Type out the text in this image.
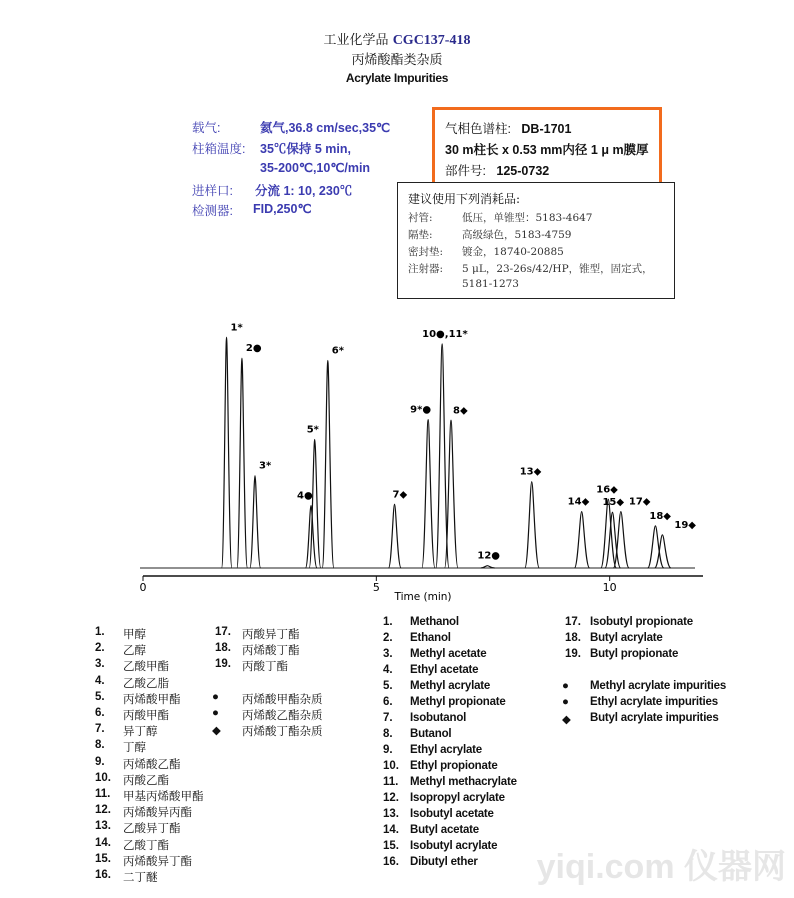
工业化学品 CGC137-418
丙烯酸酯类杂质
Acrylate Impurities
气相色谱柱: DB-1701
30 m柱长 x 0.53 mm内径 1 μ m膜厚
部件号: 125-0732
建议使用下列消耗品:
衬管:	低压，单锥型：5183-4647
隔垫:	高级绿色，5183-4759
密封垫: 镀金，18740-20885
注射器: 5 μL，23-26s/42/HP，锥型，固定式，
5181-1273
0	5	10
Time (min)
1*
2●
3*
4●
5*
6*
7◆
9*●
10●,11*
8◆
12●
13◆
14◆
16◆
15◆ 17◆
18◆
19◆
1. 甲醇
2. 乙醇
3. 乙酸甲酯
4. 乙酸乙脂
5. 丙烯酸甲酯
6. 丙酸甲酯
7. 异丁醇
8. 丁醇
9. 丙烯酸乙酯
10. 丙酸乙酯
11. 甲基丙烯酸甲酯
12. 丙烯酸异丙酯
13. 乙酸异丁酯
14. 乙酸丁酯
15. 丙烯酸异丁酯
16. 二丁醚
17. 丙酸异丁酯
18. 丙烯酸丁酯
19. 丙酸丁酯
● 丙烯酸甲酯杂质
● 丙烯酸乙酯杂质
◆ 丙烯酸丁酯杂质
1. Methanol
2. Ethanol
3. Methyl acetate
4. Ethyl acetate
5. Methyl acrylate
6. Methyl propionate
7. Isobutanol
8. Butanol
9. Ethyl acrylate
10. Ethyl propionate
11. Methyl methacrylate
12. Isopropyl acrylate
13. Isobutyl acetate
14. Butyl acetate
15. Isobutyl acrylate
16. Dibutyl ether
17. Isobutyl propionate
18. Butyl acrylate
19. Butyl propionate
● Methyl acrylate impurities
● Ethyl acrylate impurities
◆ Butyl acrylate impurities
yiqi.com 仪器网
载气:	氦气,36.8 cm/sec,35℃
柱箱温度: 35℃保持 5 min,
35-200℃,10℃/min
进样口: 分流 1: 10, 230℃
检测器: FID,250℃
